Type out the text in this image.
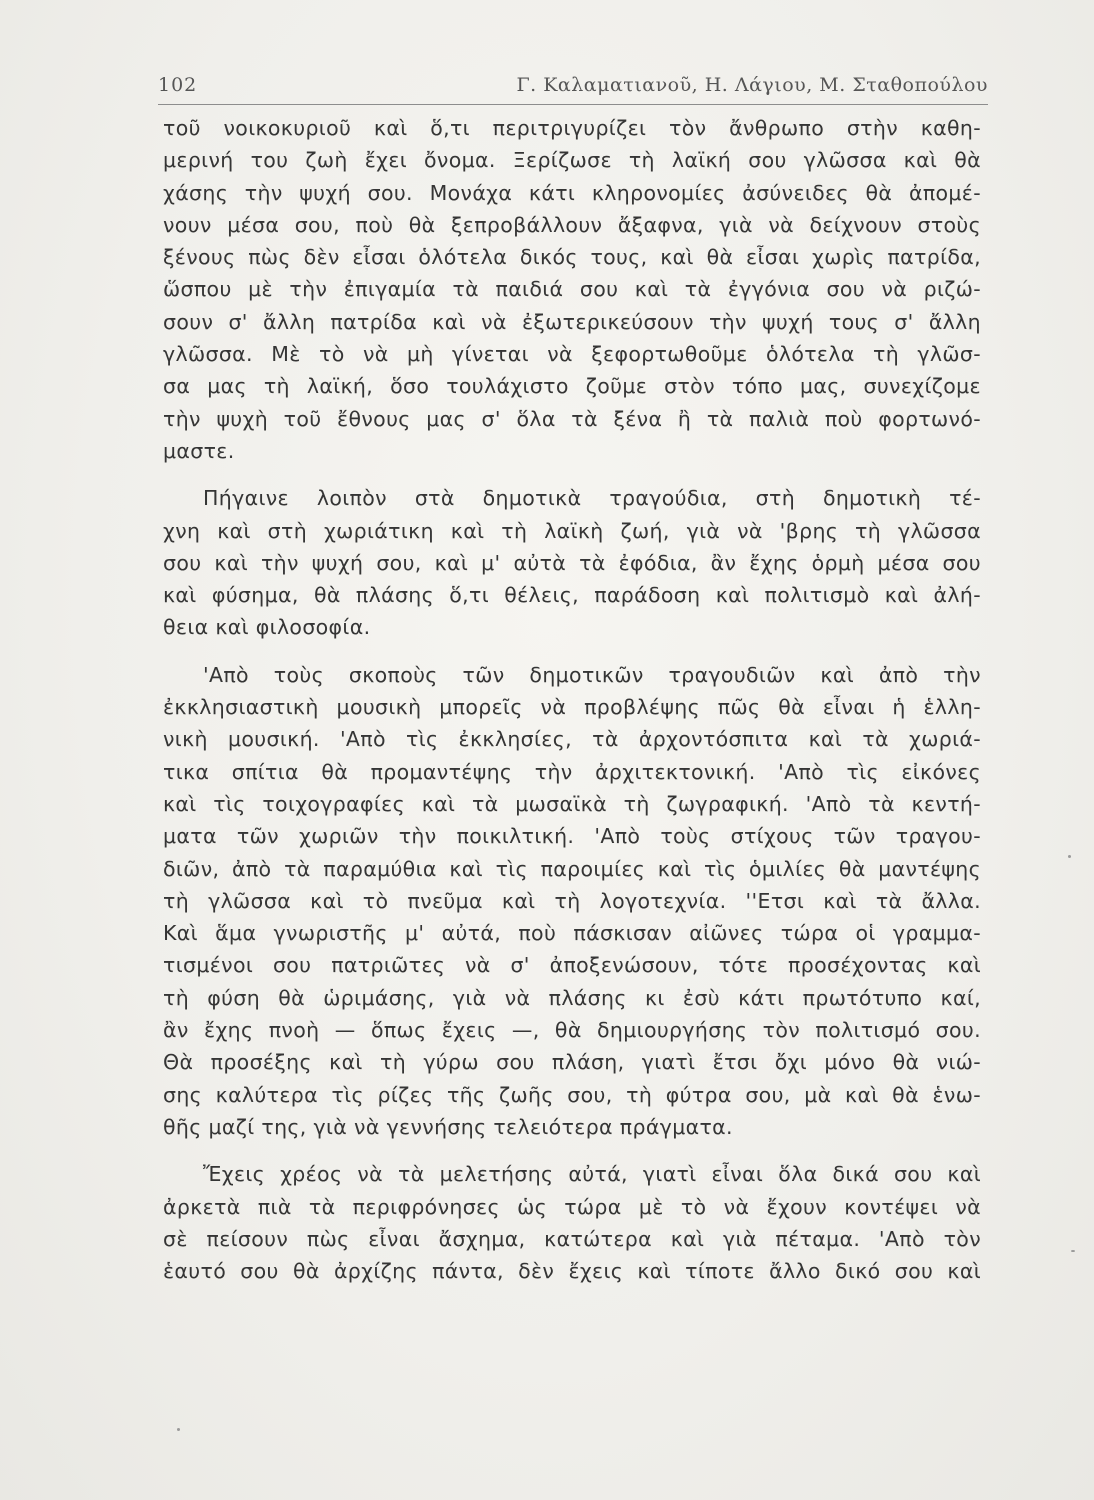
102	Γ. Καλαματιανοῦ, Η. Λάγιου, Μ. Σταθοπούλου
τοῦ νοικοκυριοῦ καὶ ὅ,τι περιτριγυρίζει τὸν ἄνθρωπο στὴν καθη-
μερινή του ζωὴ ἔχει ὄνομα. Ξερίζωσε τὴ λαϊκή σου γλῶσσα καὶ θὰ
χάσης τὴν ψυχή σου. Μονάχα κάτι κληρονομίες ἀσύνειδες θὰ ἀπομέ-
νουν μέσα σου, ποὺ θὰ ξεπροβάλλουν ἄξαφνα, γιὰ νὰ δείχνουν στοὺς
ξένους πὼς δὲν εἶσαι ὁλότελα δικός τους, καὶ θὰ εἶσαι χωρὶς πατρίδα,
ὥσπου μὲ τὴν ἐπιγαμία τὰ παιδιά σου καὶ τὰ ἐγγόνια σου νὰ ριζώ-
σουν σ' ἄλλη πατρίδα καὶ νὰ ἐξωτερικεύσουν τὴν ψυχή τους σ' ἄλλη
γλῶσσα. Μὲ τὸ νὰ μὴ γίνεται νὰ ξεφορτωθοῦμε ὁλότελα τὴ γλῶσ-
σα μας τὴ λαϊκή, ὅσο τουλάχιστο ζοῦμε στὸν τόπο μας, συνεχίζομε
τὴν ψυχὴ τοῦ ἔθνους μας σ' ὅλα τὰ ξένα ἢ τὰ παλιὰ ποὺ φορτωνό-
μαστε.
Πήγαινε λοιπὸν στὰ δημοτικὰ τραγούδια, στὴ δημοτικὴ τέ-
χνη καὶ στὴ χωριάτικη καὶ τὴ λαϊκὴ ζωή, γιὰ νὰ 'βρης τὴ γλῶσσα
σου καὶ τὴν ψυχή σου, καὶ μ' αὐτὰ τὰ ἐφόδια, ἂν ἔχης ὁρμὴ μέσα σου
καὶ φύσημα, θὰ πλάσης ὅ,τι θέλεις, παράδοση καὶ πολιτισμὸ καὶ ἀλή-
θεια καὶ φιλοσοφία.
'Απὸ τοὺς σκοποὺς τῶν δημοτικῶν τραγουδιῶν καὶ ἀπὸ τὴν
ἐκκλησιαστικὴ μουσικὴ μπορεῖς νὰ προβλέψης πῶς θὰ εἶναι ἡ ἑλλη-
νικὴ μουσική. 'Απὸ τὶς ἐκκλησίες, τὰ ἀρχοντόσπιτα καὶ τὰ χωριά-
τικα σπίτια θὰ προμαντέψης τὴν ἀρχιτεκτονική. 'Απὸ τὶς εἰκόνες
καὶ τὶς τοιχογραφίες καὶ τὰ μωσαϊκὰ τὴ ζωγραφική. 'Απὸ τὰ κεντή-
ματα τῶν χωριῶν τὴν ποικιλτική. 'Απὸ τοὺς στίχους τῶν τραγου-
διῶν, ἀπὸ τὰ παραμύθια καὶ τὶς παροιμίες καὶ τὶς ὁμιλίες θὰ μαντέψης
τὴ γλῶσσα καὶ τὸ πνεῦμα καὶ τὴ λογοτεχνία. ''Ετσι καὶ τὰ ἄλλα.
Καὶ ἅμα γνωριστῆς μ' αὐτά, ποὺ πάσκισαν αἰῶνες τώρα οἱ γραμμα-
τισμένοι σου πατριῶτες νὰ σ' ἀποξενώσουν, τότε προσέχοντας καὶ
τὴ φύση θὰ ὡριμάσης, γιὰ νὰ πλάσης κι ἐσὺ κάτι πρωτότυπο καί,
ἂν ἔχης πνοὴ — ὅπως ἔχεις —, θὰ δημιουργήσης τὸν πολιτισμό σου.
Θὰ προσέξης καὶ τὴ γύρω σου πλάση, γιατὶ ἔτσι ὄχι μόνο θὰ νιώ-
σης καλύτερα τὶς ρίζες τῆς ζωῆς σου, τὴ φύτρα σου, μὰ καὶ θὰ ἑνω-
θῆς μαζί της, γιὰ νὰ γεννήσης τελειότερα πράγματα.
Ἔχεις χρέος νὰ τὰ μελετήσης αὐτά, γιατὶ εἶναι ὅλα δικά σου καὶ
ἀρκετὰ πιὰ τὰ περιφρόνησες ὡς τώρα μὲ τὸ νὰ ἔχουν κοντέψει νὰ
σὲ πείσουν πὼς εἶναι ἄσχημα, κατώτερα καὶ γιὰ πέταμα. 'Απὸ τὸν
ἑαυτό σου θὰ ἀρχίζης πάντα, δὲν ἔχεις καὶ τίποτε ἄλλο δικό σου καὶ
